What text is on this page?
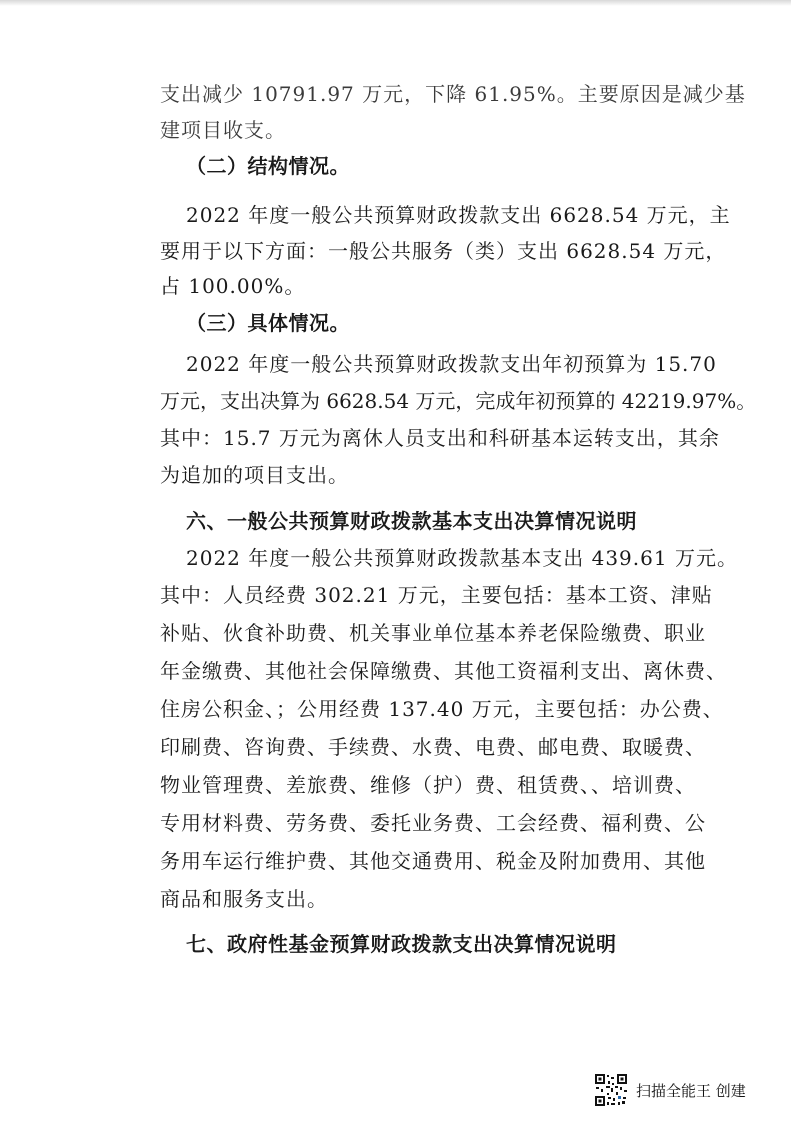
支出减少 10791.97 万元，下降 61.95%。主要原因是减少基
建项目收支。
（二）结构情况。
2022 年度一般公共预算财政拨款支出 6628.54 万元，主
要用于以下方面：一般公共服务（类）支出 6628.54 万元，
占 100.00%。
（三）具体情况。
2022 年度一般公共预算财政拨款支出年初预算为 15.70
万元，支出决算为 6628.54 万元，完成年初预算的 42219.97%。
其中：15.7 万元为离休人员支出和科研基本运转支出，其余
为追加的项目支出。
六、一般公共预算财政拨款基本支出决算情况说明
2022 年度一般公共预算财政拨款基本支出 439.61 万元。
其中：人员经费 302.21 万元，主要包括：基本工资、津贴
补贴、伙食补助费、机关事业单位基本养老保险缴费、职业
年金缴费、其他社会保障缴费、其他工资福利支出、离休费、
住房公积金、；公用经费 137.40 万元，主要包括：办公费、
印刷费、咨询费、手续费、水费、电费、邮电费、取暖费、
物业管理费、差旅费、维修（护）费、租赁费、、培训费、
专用材料费、劳务费、委托业务费、工会经费、福利费、公
务用车运行维护费、其他交通费用、税金及附加费用、其他
商品和服务支出。
七、政府性基金预算财政拨款支出决算情况说明
扫描全能王 创建
